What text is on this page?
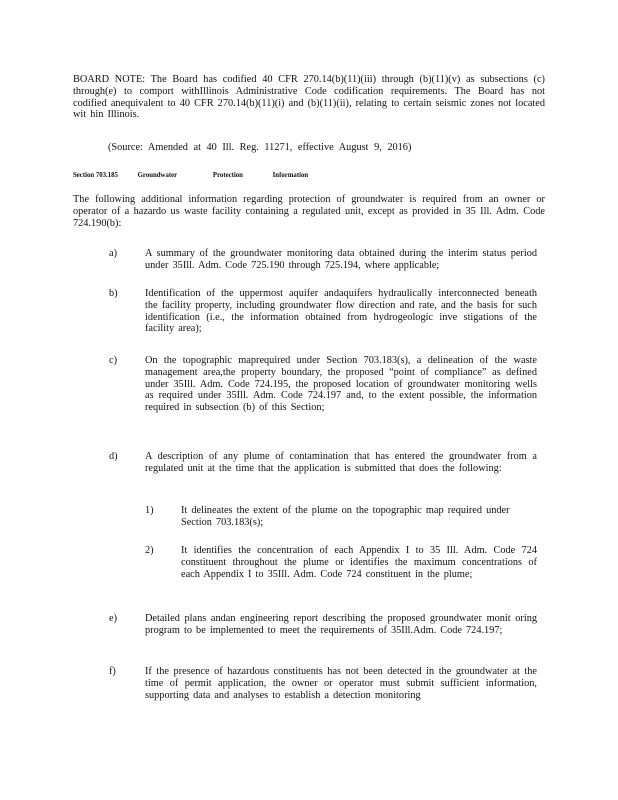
BOARD NOTE: The Board has codified 40 CFR 270.14(b)(11)(iii) through (b)(11)(v) as subsections (c) through(e) to comport withIllinois Administrative Code codification requirements. The Board has not codified anequivalent to 40 CFR 270.14(b)(11)(i) and (b)(11)(ii), relating to certain seismic zones not located wit hin Illinois.

(Source: Amended at 40 Ill. Reg. 11271, effective August 9, 2016)

Section 703.185	Groundwater	Protection	Information

The following additional information regarding protection of groundwater is required from an owner or operator of a hazardo us waste facility containing a regulated unit, except as provided in 35 Ill. Adm. Code 724.190(b):

a)	A summary of the groundwater monitoring data obtained during the interim status period under 35Ill. Adm. Code 725.190 through 725.194, where applicable;

b)	Identification of the uppermost aquifer andaquifers hydraulically interconnected beneath the facility property, including groundwater flow direction and rate, and the basis for such identification (i.e., the information obtained from hydrogeologic inve stigations of the facility area);

c)	On the topographic maprequired under Section 703.183(s), a delineation of the waste management area,the property boundary, the proposed “point of compliance” as defined under 35Ill. Adm. Code 724.195, the proposed location of groundwater monitoring wells as required under 35Ill. Adm. Code 724.197 and, to the extent possible, the information required in subsection (b) of this Section;

d)	A description of any plume of contamination that has entered the groundwater from a regulated unit at the time that the application is submitted that does the following:

1)	It delineates the extent of the plume on the topographic map required under Section 703.183(s);

2)	It identifies the concentration of each Appendix I to 35 Ill. Adm. Code 724 constituent throughout the plume or identifies the maximum concentrations of each Appendix I to 35Ill. Adm. Code 724 constituent in the plume;

e)	Detailed plans andan engineering report describing the proposed groundwater monit oring program to be implemented to meet the requirements of 35Ill.Adm. Code 724.197;

f)	If the presence of hazardous constituents has not been detected in the groundwater at the time of permit application, the owner or operator must submit sufficient information, supporting data and analyses to establish a detection monitoring
